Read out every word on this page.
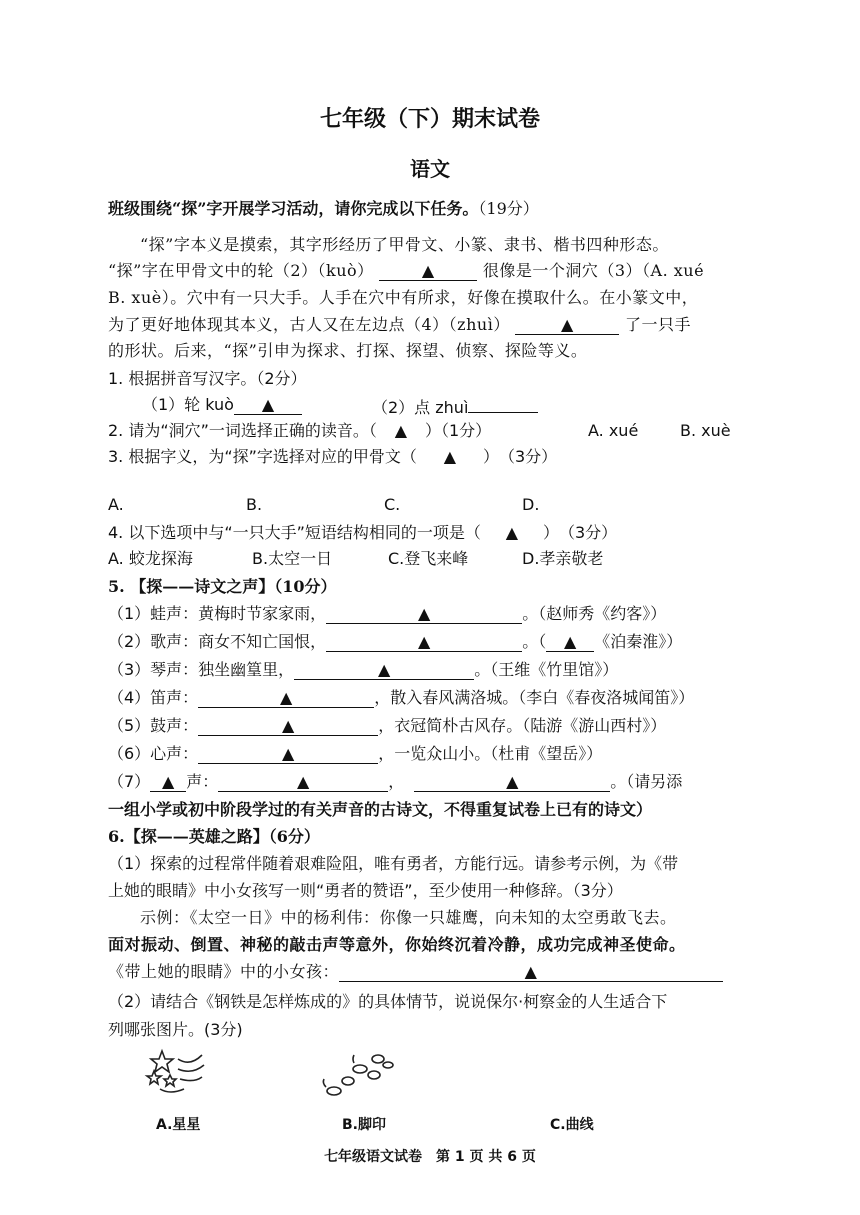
七年级（下）期末试卷
语文
班级围绕“探”字开展学习活动，请你完成以下任务。（19分）
“探”字本义是摸索，其字形经历了甲骨文、小篆、隶书、楷书四种形态。
“探”字在甲骨文中的轮（2）（kuò）	▲	很像是一个洞穴（3）（A. xué
B. xuè）。穴中有一只大手。人手在穴中有所求，好像在摸取什么。在小篆文中，
为了更好地体现其本义，古人又在左边点（4）（zhuì）	▲	了一只手
的形状。后来，“探”引申为探求、打探、探望、侦察、探险等义。
1. 根据拼音写汉字。（2分）
（1）轮 kuò ▲	（2）点 zhuì
2. 请为“洞穴”一词选择正确的读音。（ ▲ ）（1分）	A. xué	B. xuè
3. 根据字义，为“探”字选择对应的甲骨文（ ▲ ）　（3分）
A.	B.	C.	D.
4. 以下选项中与“一只大手”短语结构相同的一项是（ ▲ ）　（3分）
A. 蛟龙探海	B.太空一日	C.登飞来峰	D.孝亲敬老
5. 【探——诗文之声】（10分）
（1）蛙声：黄梅时节家家雨，	▲	。（赵师秀《约客》）
（2）歌声：商女不知亡国恨，	▲	。（ ▲ 《泊秦淮》）
（3）琴声：独坐幽篁里，	▲	。（王维《竹里馆》）
（4）笛声：	▲	，散入春风满洛城。（李白《春夜洛城闻笛》）
（5）鼓声：	▲	，衣冠简朴古风存。（陆游《游山西村》）
（6）心声：	▲	，一览众山小。（杜甫《望岳》）
（7） ▲ 声：	▲	，	▲	。（请另添
一组小学或初中阶段学过的有关声音的古诗文，不得重复试卷上已有的诗文）
6.【探——英雄之路】（6分）
（1）探索的过程常伴随着艰难险阻，唯有勇者，方能行远。请参考示例，为《带
上她的眼睛》中小女孩写一则“勇者的赞语”，至少使用一种修辞。（3分）
示例：《太空一日》中的杨利伟：你像一只雄鹰，向未知的太空勇敢飞去。
面对振动、倒置、神秘的敲击声等意外，你始终沉着冷静，成功完成神圣使命。
《带上她的眼睛》中的小女孩：	▲
（2）请结合《钢铁是怎样炼成的》的具体情节，说说保尔·柯察金的人生适合下
列哪张图片。(3分)
A.星星	B.脚印	C.曲线
七年级语文试卷　第 1 页 共 6 页
